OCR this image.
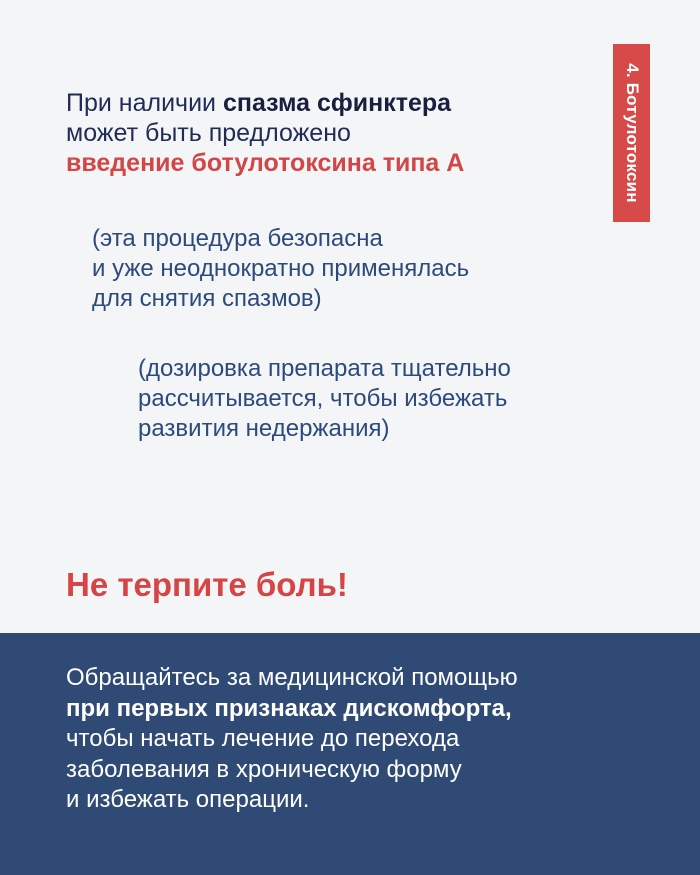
4. Ботулотоксин
При наличии спазма сфинктера
может быть предложено
введение ботулотоксина типа А
(эта процедура безопасна
и уже неоднократно применялась
для снятия спазмов)
(дозировка препарата тщательно
рассчитывается, чтобы избежать
развития недержания)
Не терпите боль!
Обращайтесь за медицинской помощью
при первых признаках дискомфорта,
чтобы начать лечение до перехода
заболевания в хроническую форму
и избежать операции.
